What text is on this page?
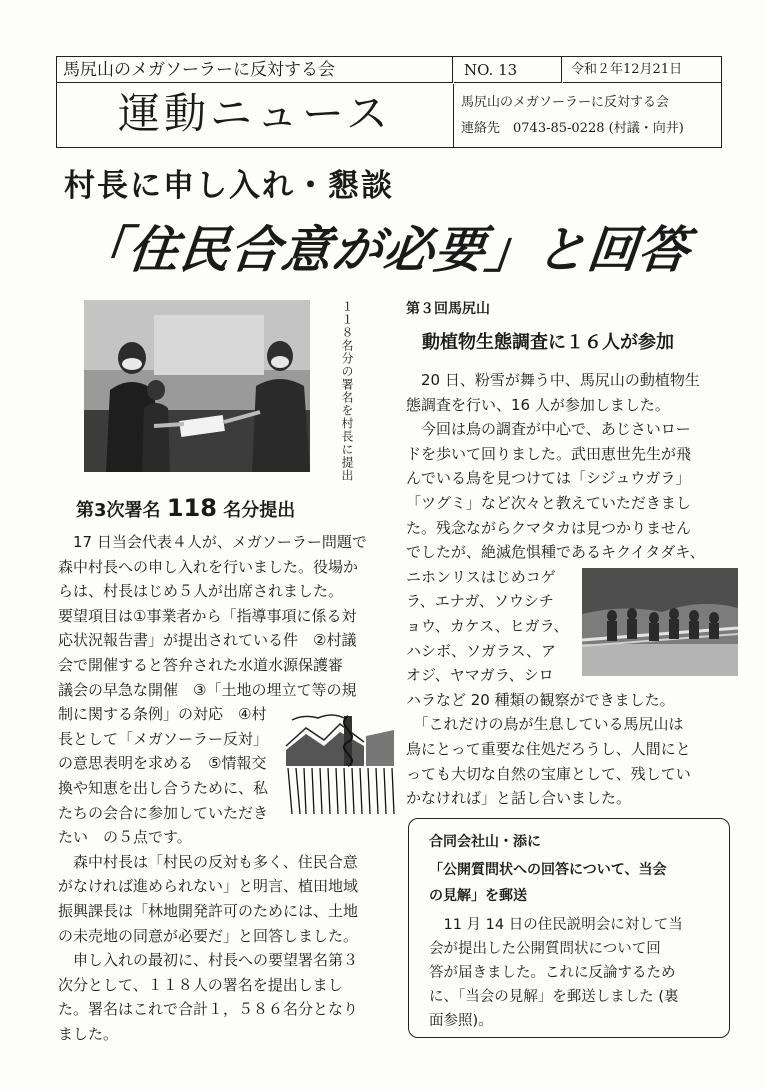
馬尻山のメガソーラーに反対する会
運動ニュース
NO. 13	令和２年12月21日
馬尻山のメガソーラーに反対する会
連絡先　0743‐85‐0228 (村議・向井)
村長に申し入れ・懇談
「住民合意が必要」と回答
１１８名分の署名を村長に提出
第3次署名 118 名分提出
　17 日当会代表４人が、メガソーラー問題で
森中村長への申し入れを行いました。役場か
らは、村長はじめ５人が出席されました。
要望項目は①事業者から「指導事項に係る対
応状況報告書」が提出されている件　②村議
会で開催すると答弁された水道水源保護審
議会の早急な開催　③「土地の埋立て等の規
制に関する条例」の対応　④村
長として「メガソーラー反対」
の意思表明を求める　⑤情報交
換や知恵を出し合うために、私
たちの会合に参加していただき
たい　の５点です。
　森中村長は「村民の反対も多く、住民合意
がなければ進められない」と明言、植田地域
振興課長は「林地開発許可のためには、土地
の未売地の同意が必要だ」と回答しました。
　申し入れの最初に、村長への要望署名第３
次分として、１１８人の署名を提出しまし
た。署名はこれで合計１，５８６名分となり
ました。
第３回馬尻山
動植物生態調査に１６人が参加
　20 日、粉雪が舞う中、馬尻山の動植物生
態調査を行い、16 人が参加しました。
　今回は鳥の調査が中心で、あじさいロー
ドを歩いて回りました。武田恵世先生が飛
んでいる鳥を見つけては「シジュウガラ」
「ツグミ」など次々と教えていただきまし
た。残念ながらクマタカは見つかりません
でしたが、絶滅危惧種であるキクイタダキ、
ニホンリスはじめコゲ
ラ、エナガ、ソウシチ
ョウ、カケス、ヒガラ、
ハシボ、ソガラス、ア
オジ、ヤマガラ、シロ
ハラなど 20 種類の観察ができました。
　「これだけの鳥が生息している馬尻山は
鳥にとって重要な住処だろうし、人間にと
っても大切な自然の宝庫として、残してい
かなければ」と話し合いました。
合同会社山・添に
「公開質問状への回答について、当会
の見解」を郵送
　11 月 14 日の住民説明会に対して当
会が提出した公開質問状について回
答が届きました。これに反論するため
に、「当会の見解」を郵送しました (裏
面参照)。
